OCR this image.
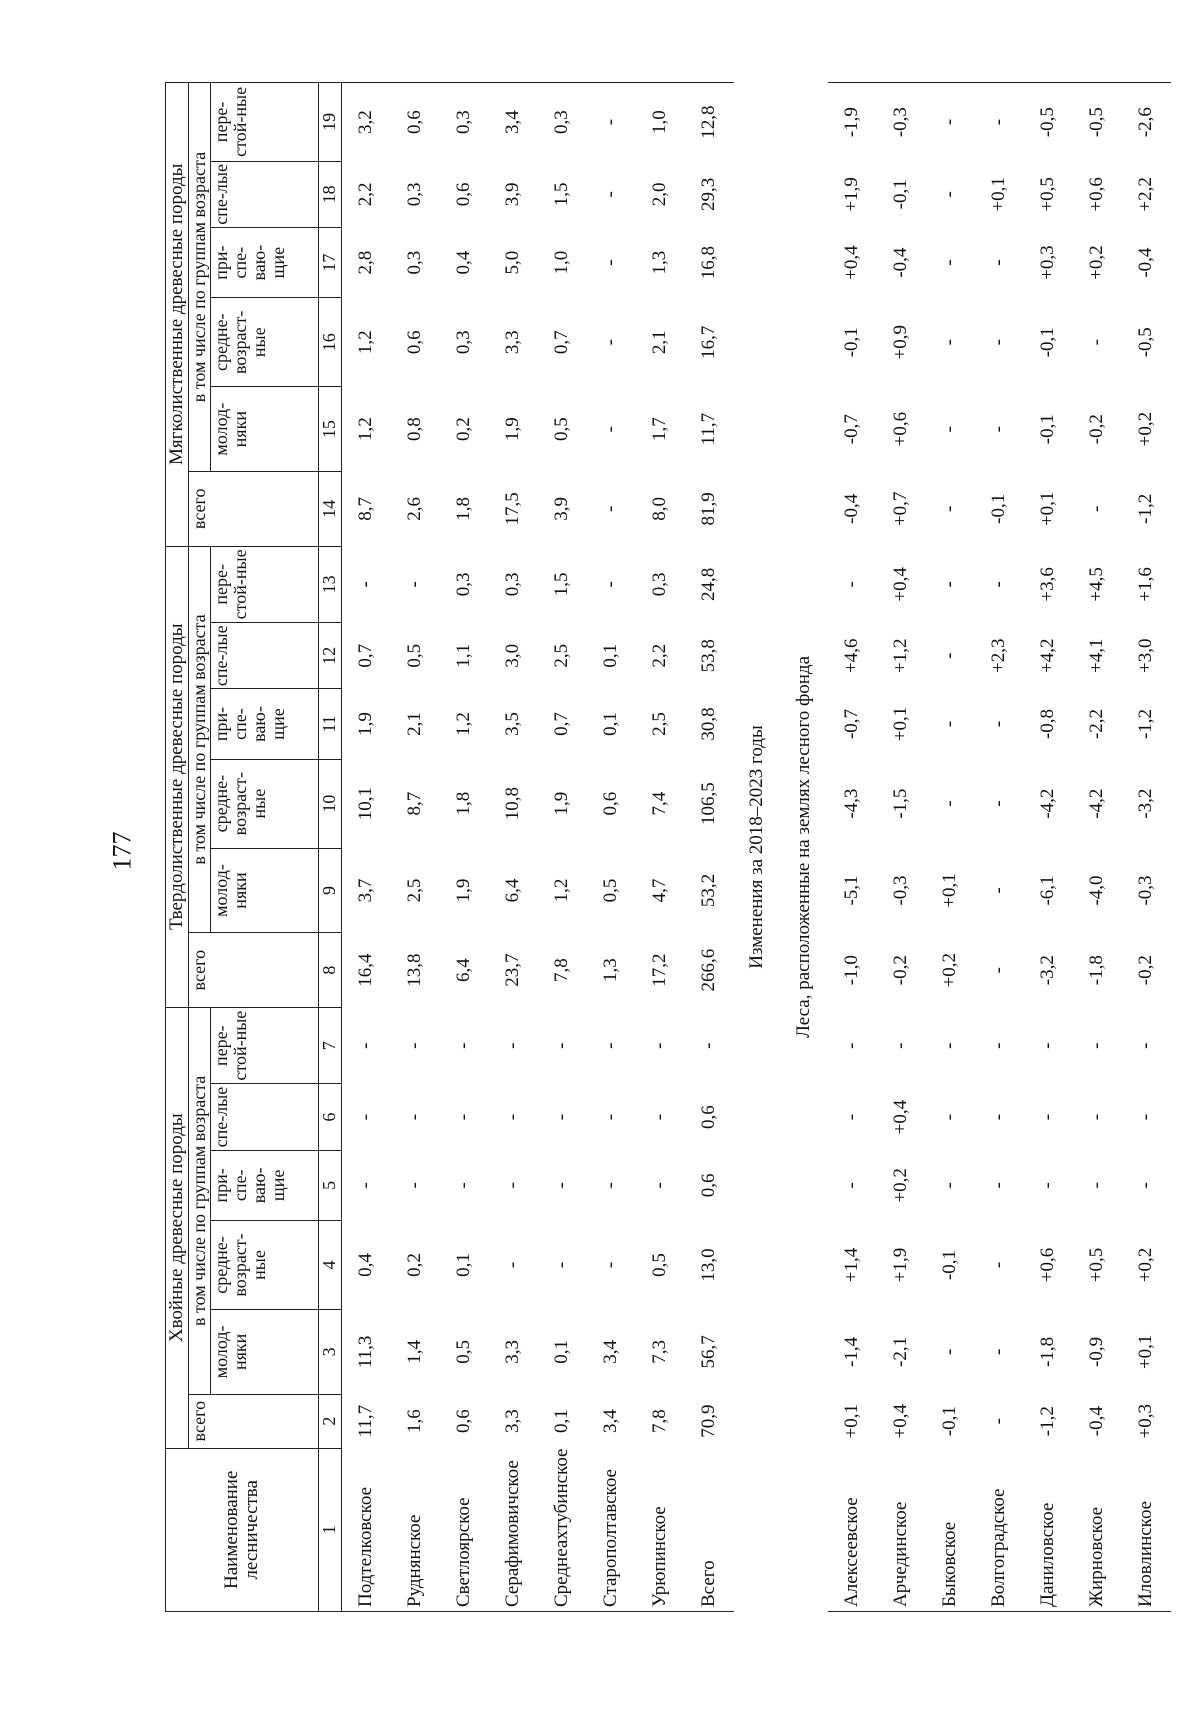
177
Наименование лесничества	Хвойные древесные породы						Твердолиственные древесные породы						Мягколиственные древесные породы					
	всего	в том числе по группам возраста					всего	в том числе по группам возраста					всего	в том числе по группам возраста				
		молод-няки	средне-возраст-ные	при-спе-ваю-щие	спе-лые	пере-стой-ные		молод-няки	средне-возраст-ные	при-спе-ваю-щие	спе-лые	пере-стой-ные		молод-няки	средне-возраст-ные	при-спе-ваю-щие	спе-лые	пере-стой-ные
1	2	3	4	5	6	7	8	9	10	11	12	13	14	15	16	17	18	19
Подтелковское	11,7	11,3	0,4	-	-	-	16,4	3,7	10,1	1,9	0,7	-	8,7	1,2	1,2	2,8	2,2	3,2
Руднянское	1,6	1,4	0,2	-	-	-	13,8	2,5	8,7	2,1	0,5	-	2,6	0,8	0,6	0,3	0,3	0,6
Светлоярское	0,6	0,5	0,1	-	-	-	6,4	1,9	1,8	1,2	1,1	0,3	1,8	0,2	0,3	0,4	0,6	0,3
Серафимовичское	3,3	3,3	-	-	-	-	23,7	6,4	10,8	3,5	3,0	0,3	17,5	1,9	3,3	5,0	3,9	3,4
Среднеахтубинское	0,1	0,1	-	-	-	-	7,8	1,2	1,9	0,7	2,5	1,5	3,9	0,5	0,7	1,0	1,5	0,3
Старополтавское	3,4	3,4	-	-	-	-	1,3	0,5	0,6	0,1	0,1	-	-	-	-	-	-	-
Урюпинское	7,8	7,3	0,5	-	-	-	17,2	4,7	7,4	2,5	2,2	0,3	8,0	1,7	2,1	1,3	2,0	1,0
Всего	70,9	56,7	13,0	0,6	0,6	-	266,6	53,2	106,5	30,8	53,8	24,8	81,9	11,7	16,7	16,8	29,3	12,8
Изменения за 2018–2023 годы																		
Леса, расположенные на землях лесного фонда																		
Алексеевское	+0,1	-1,4	+1,4	-	-	-	-1,0	-5,1	-4,3	-0,7	+4,6	-	-0,4	-0,7	-0,1	+0,4	+1,9	-1,9
Арчединское	+0,4	-2,1	+1,9	+0,2	+0,4	-	-0,2	-0,3	-1,5	+0,1	+1,2	+0,4	+0,7	+0,6	+0,9	-0,4	-0,1	-0,3
Быковское	-0,1	-	-0,1	-	-	-	+0,2	+0,1	-	-	-	-	-	-	-	-	-	-
Волгоградское	-	-	-	-	-	-	-	-	-	-	+2,3	-	-0,1	-	-	-	+0,1	-
Даниловское	-1,2	-1,8	+0,6	-	-	-	-3,2	-6,1	-4,2	-0,8	+4,2	+3,6	+0,1	-0,1	-0,1	+0,3	+0,5	-0,5
Жирновское	-0,4	-0,9	+0,5	-	-	-	-1,8	-4,0	-4,2	-2,2	+4,1	+4,5	-	-0,2	-	+0,2	+0,6	-0,5
Иловлинское	+0,3	+0,1	+0,2	-	-	-	-0,2	-0,3	-3,2	-1,2	+3,0	+1,6	-1,2	+0,2	-0,5	-0,4	+2,2	-2,6
